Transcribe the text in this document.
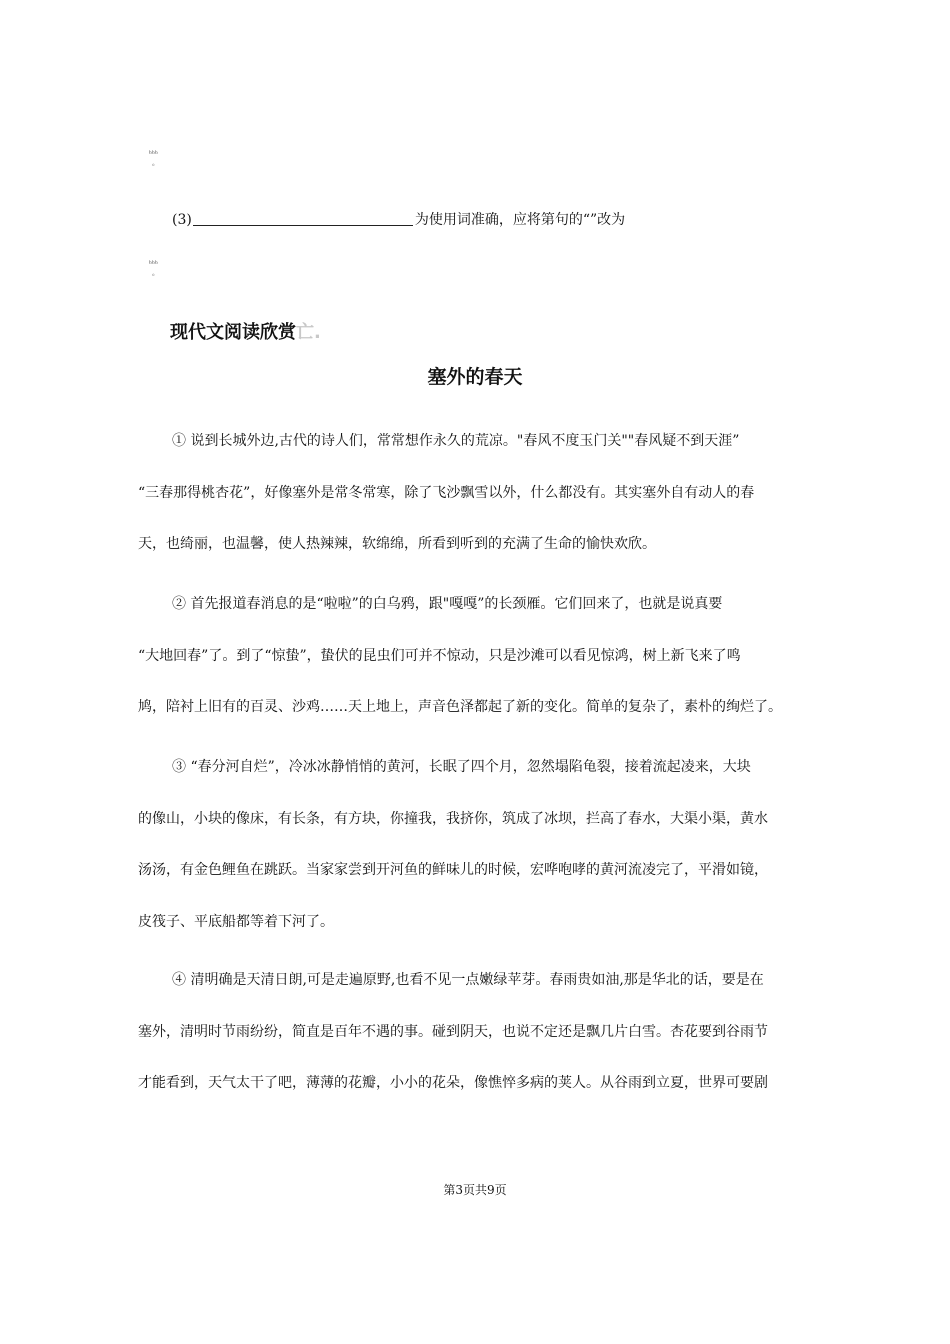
ʰʰʰ
。
(3)	为使用词准确，应将第句的“”改为
ʰʰʰ
。
现代文阅读欣赏亡.
塞外的春天
① 说到长城外边,古代的诗人们，常常想作永久的荒凉。"春风不度玉门关""春风疑不到天涯”
“三春那得桃杏花”，好像塞外是常冬常寒，除了飞沙飘雪以外，什么都没有。其实塞外自有动人的春
天，也绮丽，也温馨，使人热辣辣，软绵绵，所看到听到的充满了生命的愉快欢欣。
② 首先报道春消息的是“啦啦”的白乌鸦，跟"嘎嘎”的长颈雁。它们回来了，也就是说真要
“大地回春”了。到了“惊蛰”，蛰伏的昆虫们可并不惊动，只是沙滩可以看见惊鸿，树上新飞来了鸣
鸠，陪衬上旧有的百灵、沙鸡……天上地上，声音色泽都起了新的变化。简单的复杂了，素朴的绚烂了。
③ “春分河自烂”，冷冰冰静悄悄的黄河，长眠了四个月，忽然塌陷龟裂，接着流起凌来，大块
的像山，小块的像床，有长条，有方块，你撞我，我挤你，筑成了冰坝，拦高了春水，大渠小渠，黄水
汤汤，有金色鲤鱼在跳跃。当家家尝到开河鱼的鲜味儿的时候，宏哗咆哮的黄河流凌完了，平滑如镜，
皮筏子、平底船都等着下河了。
④ 清明确是天清日朗,可是走遍原野,也看不见一点嫩绿苹芽。春雨贵如油,那是华北的话，要是在
塞外，清明时节雨纷纷，简直是百年不遇的事。碰到阴天，也说不定还是飘几片白雪。杏花要到谷雨节
才能看到，天气太干了吧，薄薄的花瓣，小小的花朵，像憔悴多病的荚人。从谷雨到立夏，世界可要剧
第3页共9页
